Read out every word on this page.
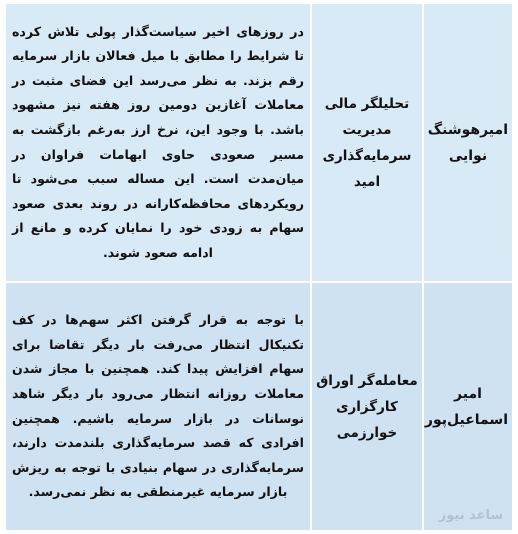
امیرهوشنگ نوایی	تحلیلگر مالی مدیریت سرمایه‌گذاری امید	در روزهای اخیر سیاست‌گذار پولی تلاش کرده تا شرایط را مطابق با میل فعالان بازار سرمایه رقم بزند. به نظر می‌رسد این فضای مثبت در معاملات آغازین دومین روز هفته نیز مشهود باشد. با وجود این، نرخ ارز به‌رغم بازگشت به مسیر صعودی حاوی ابهامات فراوان در میان‌مدت است. این مساله سبب می‌شود تا رویکردهای محافظه‌کارانه در روند بعدی صعود سهام به زودی خود را نمایان کرده و مانع از ادامه صعود شوند.

امیر اسماعیل‌پور	معامله‌گر اوراق کارگزاری خوارزمی	با توجه به قرار گرفتن اکثر سهم‌ها در کف تکنیکال انتظار می‌رفت بار دیگر تقاضا برای سهام افزایش پیدا کند. همچنین با مجاز شدن معاملات روزانه انتظار می‌رود بار دیگر شاهد نوسانات در بازار سرمایه باشیم. همچنین افرادی که قصد سرمایه‌گذاری بلندمدت دارند، سرمایه‌گذاری در سهام بنیادی با توجه به ریزش بازار سرمایه غیرمنطقی به نظر نمی‌رسد.
ساعد نیوز
